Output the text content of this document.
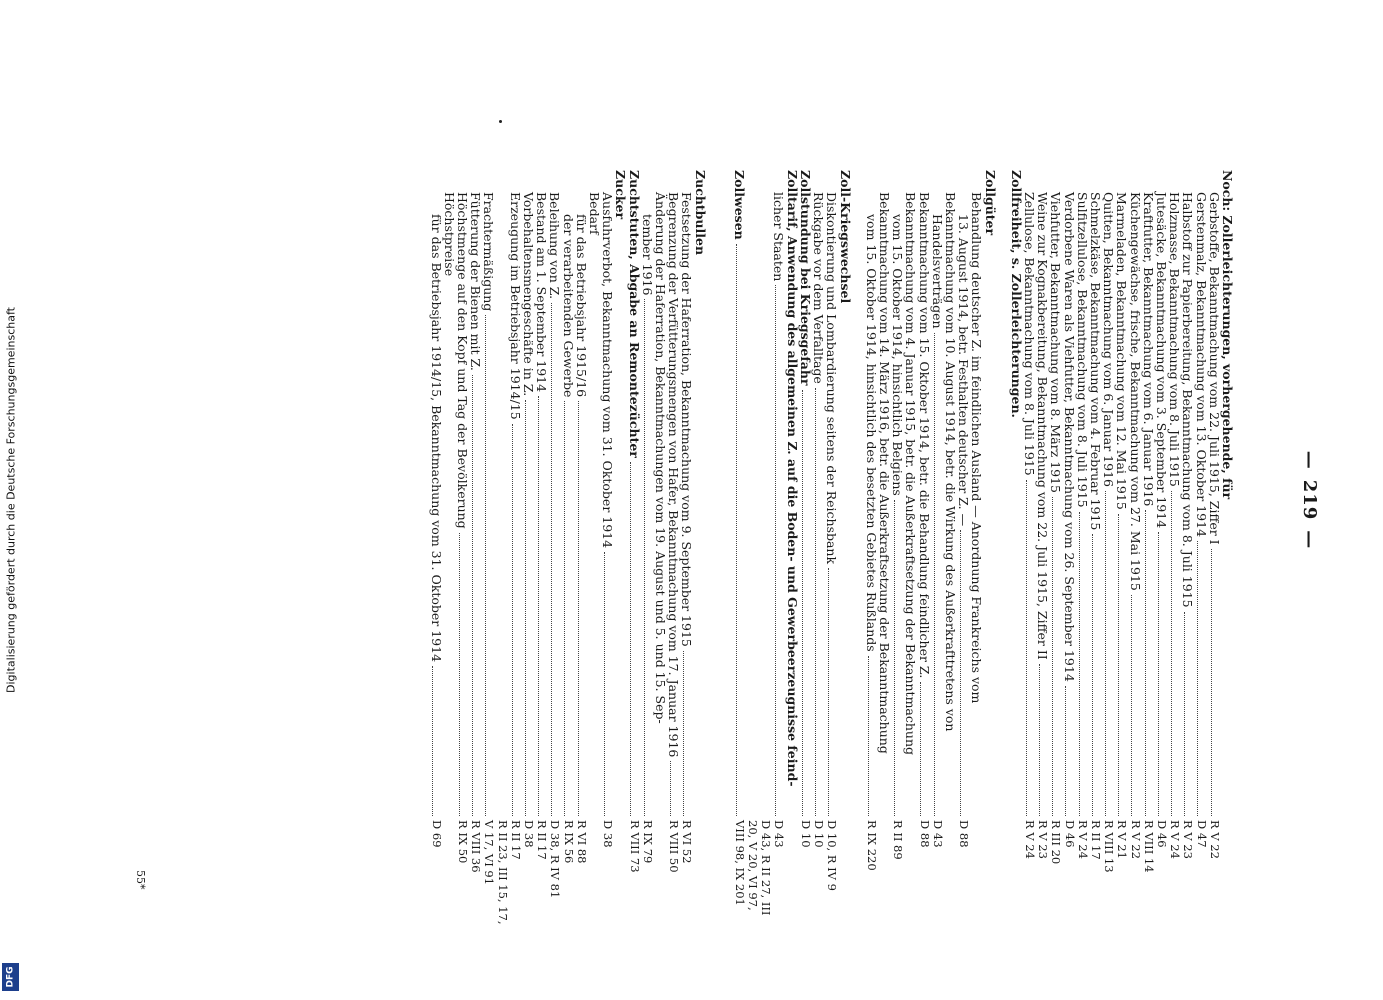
Digitalisierung gefördert durch die Deutsche Forschungsgemeinschaft
DFG
—219—
Noch: Zollerleichterungen, vorhergehende, für
Gerbstoffe, Bekanntmachung vom 22. Juli 1915, Ziffer I
R V 22
Gerstenmalz, Bekanntmachung vom 13. Oktober 1914
D 47
Halbstoff zur Papierbereitung, Bekanntmachung vom 8. Juli 1915
R V 23
Holzmasse, Bekanntmachung vom 8. Juli 1915
R V 24
Jutesäcke, Bekanntmachung vom 3. September 1914
D 46
Kraftfutter, Bekanntmachung vom 6. Januar 1916
R VIII 14
Küchengewächse, frische, Bekanntmachung vom 27. Mai 1915
R V 22
Marmeladen, Bekanntmachung vom 12. Mai 1915
R V 21
Quitten, Bekanntmachung vom 6. Januar 1916
R VIII 13
Schmelzkäse, Bekanntmachung vom 4. Februar 1915
R II 17
Sulfitzellulose, Bekanntmachung vom 8. Juli 1915
R V 24
Verdorbene Waren als Viehfutter, Bekanntmachung vom 26. September 1914
D 46
Viehfutter, Bekanntmachung vom 8. März 1915
R III 20
Weine zur Kognakbereitung, Bekanntmachung vom 22. Juli 1915, Ziffer II
R V 23
Zellulose, Bekanntmachung vom 8. Juli 1915
R V 24
Zollfreiheit, s. Zollerleichterungen.
Zollgüter
Behandlung deutscher Z. im feindlichen Ausland — Anordnung Frankreichs vom
13. August 1914, betr. Festhalten deutscher Z. —
D 88
Bekanntmachung vom 10. August 1914, betr. die Wirkung des Außerkrafttretens von
Handelsverträgen
D 43
Bekanntmachung vom 15. Oktober 1914, betr. die Behandlung feindlicher Z.
D 88
Bekanntmachung vom 4. Januar 1915, betr. die Außerkraftsetzung der Bekanntmachung
vom 15. Oktober 1914, hinsichtlich Belgiens
R II 89
Bekanntmachung vom 14. März 1916, betr. die Außerkraftsetzung der Bekanntmachung
vom 15. Oktober 1914, hinsichtlich des besetzten Gebietes Rußlands
R IX 220
Zoll-Kriegswechsel
Diskontierung und Lombardierung seitens der Reichsbank
D 10, R IV 9
Rückgabe vor dem Verfalltage
D 10
Zollstundung bei Kriegsgefahr
D 10
Zolltarif, Anwendung des allgemeinen Z. auf die Boden- und Gewerbeerzeugnisse feind-
licher Staaten
D 43
Zollwesen
D 43, R II 27, III 20, V 20, VI 97, VIII 98, IX 201
Zuchtbullen
Festsetzung der Haferration, Bekanntmachung vom 9. September 1915
R VI 52
Begrenzung der Verfütterungsmengen von Hafer, Bekanntmachung vom 17. Januar 1916
R VIII 50
Änderung der Haferration, Bekanntmachungen vom 19. August und 5. und 15. Sep-
tember 1916
R IX 79
Zuchtstuten, Abgabe an Remontezüchter
R VIII 73
Zucker
Ausfuhrverbot, Bekanntmachung vom 31. Oktober 1914
D 38
Bedarf
für das Betriebsjahr 1915/16
R VI 88
der verarbeitenden Gewerbe
R IX 56
Beleihung von Z.
D 38, R IV 81
Bestand am 1. September 1914
R II 17
Vorbehaltensmengeschäfte in Z.
D 38
Erzeugung im Betriebsjahr 1914/15
R II 17
Frachtermäßigung
R II 23, III 15, 17, V 17, VI 91
Fütterung der Bienen mit Z.
R VIII 36
Höchstmenge auf den Kopf und Tag der Bevölkerung
R IX 50
Höchstpreise
für das Betriebsjahr 1914/15, Bekanntmachung vom 31. Oktober 1914
D 69
55*
